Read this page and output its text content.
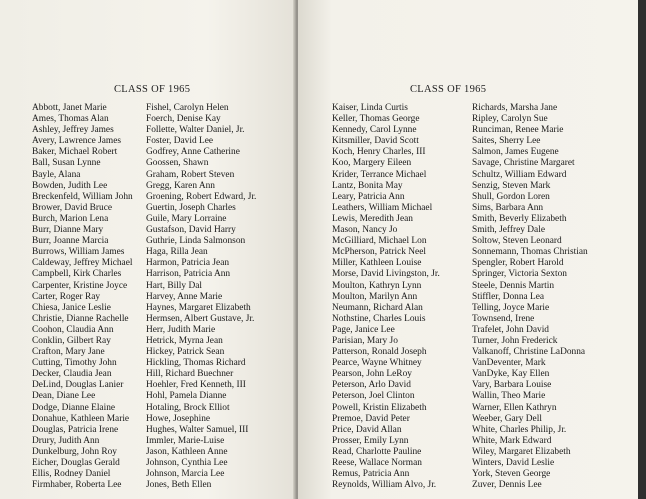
CLASS OF 1965
Abbott, Janet Marie
Ames, Thomas Alan
Ashley, Jeffrey James
Avery, Lawrence James
Baker, Michael Robert
Ball, Susan Lynne
Bayle, Alana
Bowden, Judith Lee
Breckenfeld, William John
Brower, David Bruce
Burch, Marion Lena
Burr, Dianne Mary
Burr, Joanne Marcia
Burrows, William James
Caldeway, Jeffrey Michael
Campbell, Kirk Charles
Carpenter, Kristine Joyce
Carter, Roger Ray
Chiesa, Janice Leslie
Christie, Dianne Rachelle
Coohon, Claudia Ann
Conklin, Gilbert Ray
Crafton, Mary Jane
Cutting, Timothy John
Decker, Claudia Jean
DeLind, Douglas Lanier
Dean, Diane Lee
Dodge, Dianne Elaine
Donahue, Kathleen Marie
Douglas, Patricia Irene
Drury, Judith Ann
Dunkelburg, John Roy
Eicher, Douglas Gerald
Ellis, Rodney Daniel
Firmhaber, Roberta Lee
Fishel, Carolyn Helen
Foerch, Denise Kay
Follette, Walter Daniel, Jr.
Foster, David Lee
Godfrey, Anne Catherine
Goossen, Shawn
Graham, Robert Steven
Gregg, Karen Ann
Groening, Robert Edward, Jr.
Guertin, Joseph Charles
Guile, Mary Lorraine
Gustafson, David Harry
Guthrie, Linda Salmonson
Haga, Rilla Jean
Harmon, Patricia Jean
Harrison, Patricia Ann
Hart, Billy Dal
Harvey, Anne Marie
Haynes, Margaret Elizabeth
Hermsen, Albert Gustave, Jr.
Herr, Judith Marie
Hetrick, Myrna Jean
Hickey, Patrick Sean
Hickling, Thomas Richard
Hill, Richard Buechner
Hoehler, Fred Kenneth, III
Hohl, Pamela Dianne
Hotaling, Brock Elliot
Howe, Josephine
Hughes, Walter Samuel, III
Immler, Marie-Luise
Jason, Kathleen Anne
Johnson, Cynthia Lee
Johnson, Marcia Lee
Jones, Beth Ellen
CLASS OF 1965
Kaiser, Linda Curtis
Keller, Thomas George
Kennedy, Carol Lynne
Kitsmiller, David Scott
Koch, Henry Charles, III
Koo, Margery Eileen
Krider, Terrance Michael
Lantz, Bonita May
Leary, Patricia Ann
Leathers, William Michael
Lewis, Meredith Jean
Mason, Nancy Jo
McGilliard, Michael Lon
McPherson, Patrick Neel
Miller, Kathleen Louise
Morse, David Livingston, Jr.
Moulton, Kathryn Lynn
Moulton, Marilyn Ann
Neumann, Richard Alan
Nothstine, Charles Louis
Page, Janice Lee
Parisian, Mary Jo
Patterson, Ronald Joseph
Pearce, Wayne Whitney
Pearson, John LeRoy
Peterson, Arlo David
Peterson, Joel Clinton
Powell, Kristin Elizabeth
Premoe, David Peter
Price, David Allan
Prosser, Emily Lynn
Read, Charlotte Pauline
Reese, Wallace Norman
Remus, Patricia Ann
Reynolds, William Alvo, Jr.
Richards, Marsha Jane
Ripley, Carolyn Sue
Runciman, Renee Marie
Saites, Sherry Lee
Salmon, James Eugene
Savage, Christine Margaret
Schultz, William Edward
Senzig, Steven Mark
Shull, Gordon Loren
Sims, Barbara Ann
Smith, Beverly Elizabeth
Smith, Jeffrey Dale
Soltow, Steven Leonard
Sonnemann, Thomas Christian
Spengler, Robert Harold
Springer, Victoria Sexton
Steele, Dennis Martin
Stiffler, Donna Lea
Telling, Joyce Marie
Townsend, Irene
Trafelet, John David
Turner, John Frederick
Valkanoff, Christine LaDonna
VanDeventer, Mark
VanDyke, Kay Ellen
Vary, Barbara Louise
Wallin, Theo Marie
Warner, Ellen Kathryn
Weeber, Gary Dell
White, Charles Philip, Jr.
White, Mark Edward
Wiley, Margaret Elizabeth
Winters, David Leslie
York, Steven George
Zuver, Dennis Lee
